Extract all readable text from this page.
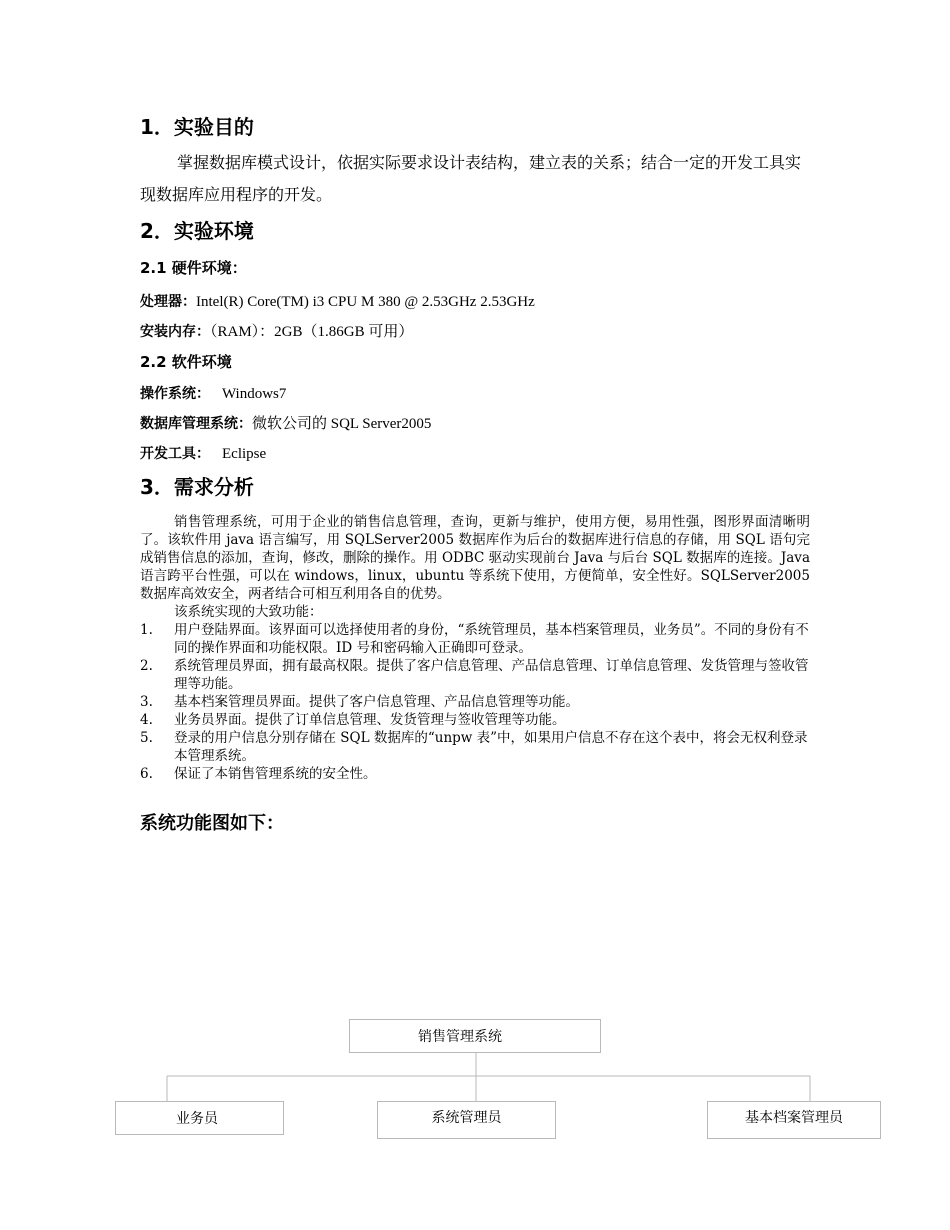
1．实验目的
掌握数据库模式设计，依据实际要求设计表结构，建立表的关系；结合一定的开发工具实现数据库应用程序的开发。
2．实验环境
2.1 硬件环境：
处理器：Intel(R) Core(TM) i3 CPU M 380 @ 2.53GHz 2.53GHz
安装内存：（RAM）：2GB（1.86GB 可用）
2.2 软件环境
操作系统： Windows7
数据库管理系统：微软公司的 SQL Server2005
开发工具： Eclipse
3．需求分析

销售管理系统，可用于企业的销售信息管理，查询，更新与维护，使用方便，易用性强，图形界面清晰明了。该软件用 java 语言编写，用 SQLServer2005 数据库作为后台的数据库进行信息的存储，用 SQL 语句完成销售信息的添加，查询，修改，删除的操作。用 ODBC 驱动实现前台 Java 与后台 SQL 数据库的连接。Java 语言跨平台性强，可以在 windows，linux，ubuntu 等系统下使用，方便简单，安全性好。SQLServer2005 数据库高效安全，两者结合可相互利用各自的优势。

该系统实现的大致功能：

1. 用户登陆界面。该界面可以选择使用者的身份，“系统管理员，基本档案管理员，业务员”。不同的身份有不同的操作界面和功能权限。ID 号和密码输入正确即可登录。
2. 系统管理员界面，拥有最高权限。提供了客户信息管理、产品信息管理、订单信息管理、发货管理与签收管理等功能。
3. 基本档案管理员界面。提供了客户信息管理、产品信息管理等功能。
4. 业务员界面。提供了订单信息管理、发货管理与签收管理等功能。
5. 登录的用户信息分别存储在 SQL 数据库的“unpw 表”中，如果用户信息不存在这个表中，将会无权利登录本管理系统。
6. 保证了本销售管理系统的安全性。
系统功能图如下：
销售管理系统
业务员	系统管理员	基本档案管理员
